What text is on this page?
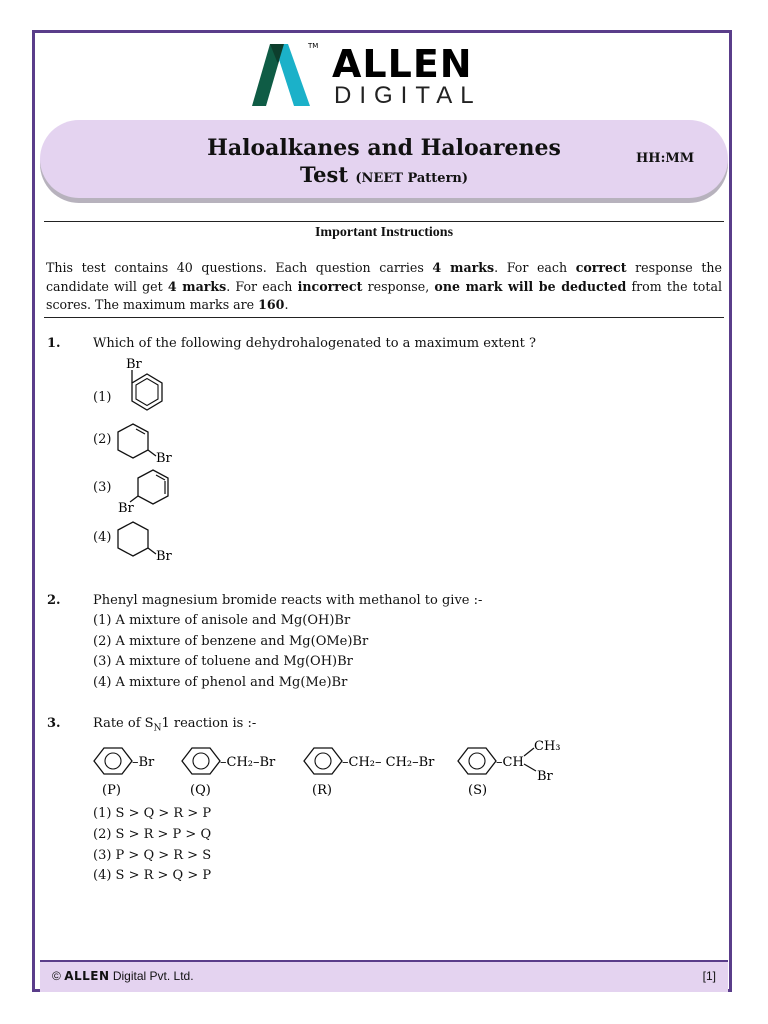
TM ALLEN
DIGITAL
Haloalkanes and Haloarenes
Test (NEET Pattern)
HH:MM
Important Instructions
This test contains 40 questions. Each question carries 4 marks. For each correct response the candidate will get 4 marks. For each incorrect response, one mark will be deducted from the total scores. The maximum marks are 160.
1. Which of the following dehydrohalogenated to a maximum extent ?
(1)
Br
(2)
Br
(3)
Br
(4)
Br
2. Phenyl magnesium bromide reacts with methanol to give :-
(1) A mixture of anisole and Mg(OH)Br
(2) A mixture of benzene and Mg(OMe)Br
(3) A mixture of toluene and Mg(OH)Br
(4) A mixture of phenol and Mg(Me)Br
3. Rate of $S_N1$ reaction is :-
–Br
(P)
–CH₂–Br
(Q)
–CH₂– CH₂–Br
(R)
–CH
CH₃
Br
(S)
(1) S > Q > R > P
(2) S > R > P > Q
(3) P > Q > R > S
(4) S > R > Q > P
© ALLEN Digital Pvt. Ltd.	[1]
